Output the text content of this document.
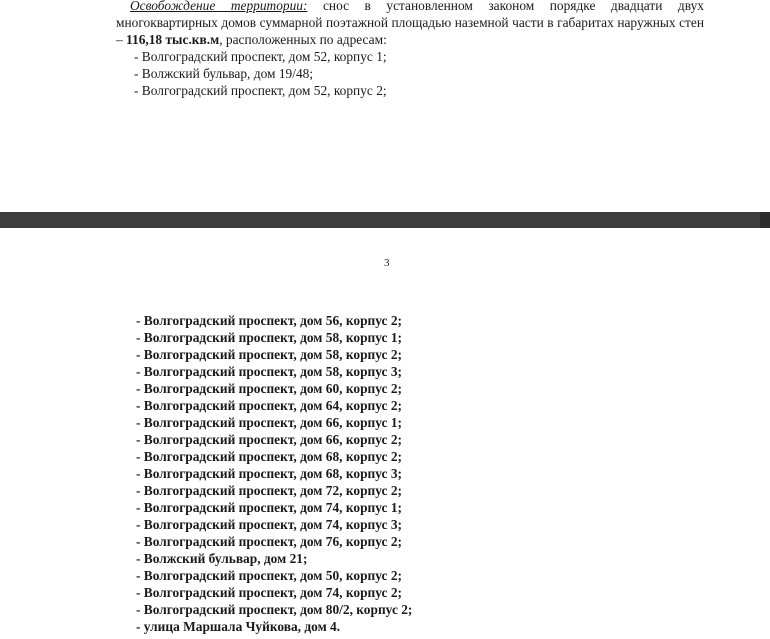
Освобождение территории: снос в установленном законом порядке двадцати двух многоквартирных домов суммарной поэтажной площадью наземной части в габаритах наружных стен – 116,18 тыс.кв.м, расположенных по адресам:

- Волгоградский проспект, дом 52, корпус 1;

- Волжский бульвар, дом 19/48;

- Волгоградский проспект, дом 52, корпус 2;

3
- Волгоградский проспект, дом 56, корпус 2;
- Волгоградский проспект, дом 58, корпус 1;
- Волгоградский проспект, дом 58, корпус 2;
- Волгоградский проспект, дом 58, корпус 3;
- Волгоградский проспект, дом 60, корпус 2;
- Волгоградский проспект, дом 64, корпус 2;
- Волгоградский проспект, дом 66, корпус 1;
- Волгоградский проспект, дом 66, корпус 2;
- Волгоградский проспект, дом 68, корпус 2;
- Волгоградский проспект, дом 68, корпус 3;
- Волгоградский проспект, дом 72, корпус 2;
- Волгоградский проспект, дом 74, корпус 1;
- Волгоградский проспект, дом 74, корпус 3;
- Волгоградский проспект, дом 76, корпус 2;
- Волжский бульвар, дом 21;
- Волгоградский проспект, дом 50, корпус 2;
- Волгоградский проспект, дом 74, корпус 2;
- Волгоградский проспект, дом 80/2, корпус 2;
- улица Маршала Чуйкова, дом 4.
